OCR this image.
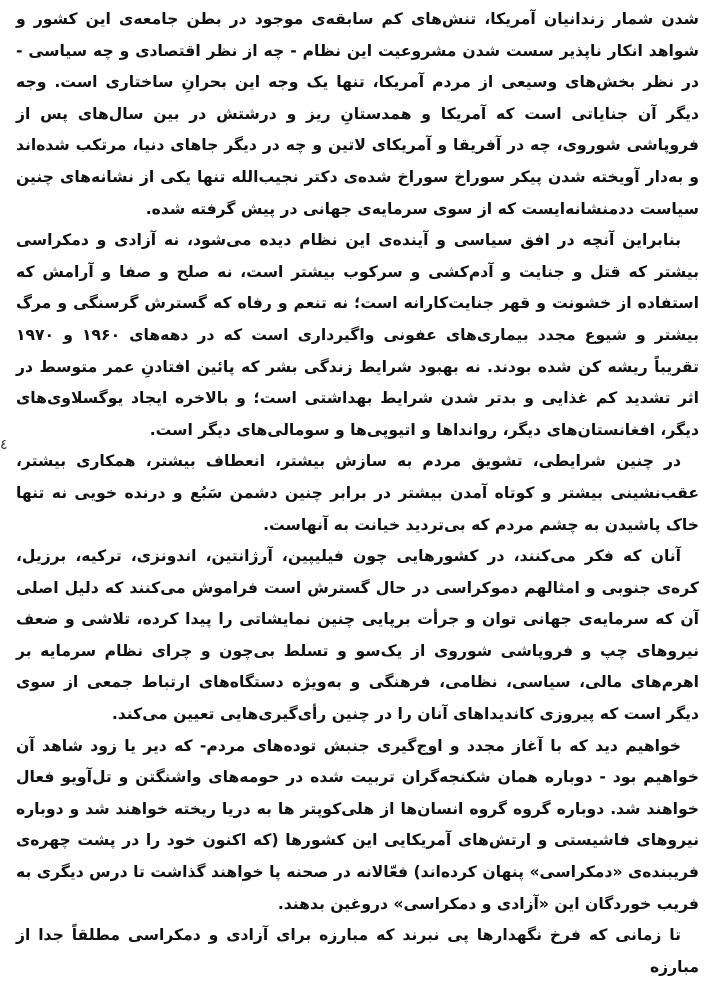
شدن شمار زندانیان آمریکا، تنش‌های کم سابقه‌ی موجود در بطن جامعه‌ی این کشور و شواهد انکار ناپذیر سست شدن مشروعیت این نظام - چه از نظر اقتصادی و چه سیاسی - در نظر بخش‌های وسیعی از مردم آمریکا، تنها یک وجه این بحرانِ ساختاری است. وجه دیگر آن جنایاتی است که آمریکا و همدستانِ ریز و درشتش در بین سال‌های پس از فروپاشی شوروی، چه در آفریقا و آمریکای لاتین و چه در دیگر جاهای دنیا، مرتکب شده‌اند و به‌دار آویخته شدن پیکر سوراخ سوراخ شده‌ی دکتر نجیب‌الله تنها یکی از نشانه‌های چنین سیاست ددمنشانه‌ایست که از سوی سرمایه‌ی جهانی در پیش گرفته شده.

بنابراین آنچه در افق سیاسی و آینده‌ی این نظام دیده می‌شود، نه آزادی و دمکراسی بیشتر که قتل و جنایت و آدم‌کشی و سرکوب بیشتر است، نه صلح و صفا و آرامش که استفاده از خشونت و قهر جنایت‌کارانه است؛ نه تنعم و رفاه که گسترش گرسنگی و مرگ بیشتر و شیوع مجدد بیماری‌های عفونی واگیرداری است که در دهه‌های ۱۹۶۰ و ۱۹۷۰ تقریباً ریشه کن شده بودند. نه بهبود شرایط زندگی بشر که پائین افتادنِ عمر متوسط در اثر تشدید کم غذایی و بدتر شدن شرایط بهداشتی است؛ و بالاخره ایجاد یوگسلاوی‌های دیگر، افغانستان‌های دیگر، رواندا‌ها و اتیوپی‌ها و سومالی‌های دیگر است.

در چنین شرایطی، تشویق مردم به سازش بیشتر، انعطاف بیشتر، همکاری بیشتر، عقب‌نشینی بیشتر و کوتاه آمدن بیشتر در برابر چنین دشمن سَبُع و درنده خویی نه تنها خاک پاشیدن به چشم مردم که بی‌تردید خیانت به آنهاست.

آنان که فکر می‌کنند، در کشورهایی چون فیلیپین، آرژانتین، اندونزی، ترکیه، برزیل، کره‌ی جنوبی و امثالهم دموکراسی در حال گسترش است فراموش می‌کنند که دلیل اصلی آن که سرمایه‌ی جهانی توان و جرأت برپایی چنین نمایشاتی را پیدا کرده، تلاشی و ضعف نیروهای چپ و فروپاشی شوروی از یک‌سو و تسلط بی‌چون و چرای نظام سرمایه بر اهرم‌های مالی، سیاسی، نظامی، فرهنگی و به‌ویژه دستگاه‌های ارتباط جمعی از سوی دیگر است که پیروزی کاندیداهای آنان را در چنین رأی‌گیری‌هایی تعیین می‌کند.

خواهیم دید که با آغاز مجدد و اوج‌گیری جنبش توده‌های مردم- که دیر یا زود شاهد آن خواهیم بود - دوباره همان شکنجه‌گران تربیت شده در حومه‌های واشنگتن و تل‌آویو فعال خواهند شد. دوباره گروه گروه انسان‌ها از هلی‌کوپتر ها به دریا ریخته خواهند شد و دوباره نیروهای فاشیستی و ارتش‌های آمریکایی این کشورها (که اکنون خود را در پشت چهره‌ی فریبنده‌ی «دمکراسی» پنهان کرده‌اند) فعّالانه در صحنه پا خواهند گذاشت تا درس دیگری به فریب خوردگان این «آزادی و دمکراسی» دروغین بدهند.

تا زمانی که فرخ نگهدارها پی نبرند که مبارزه برای آزادی و دمکراسی مطلقاً جدا از مبارزه

٤
